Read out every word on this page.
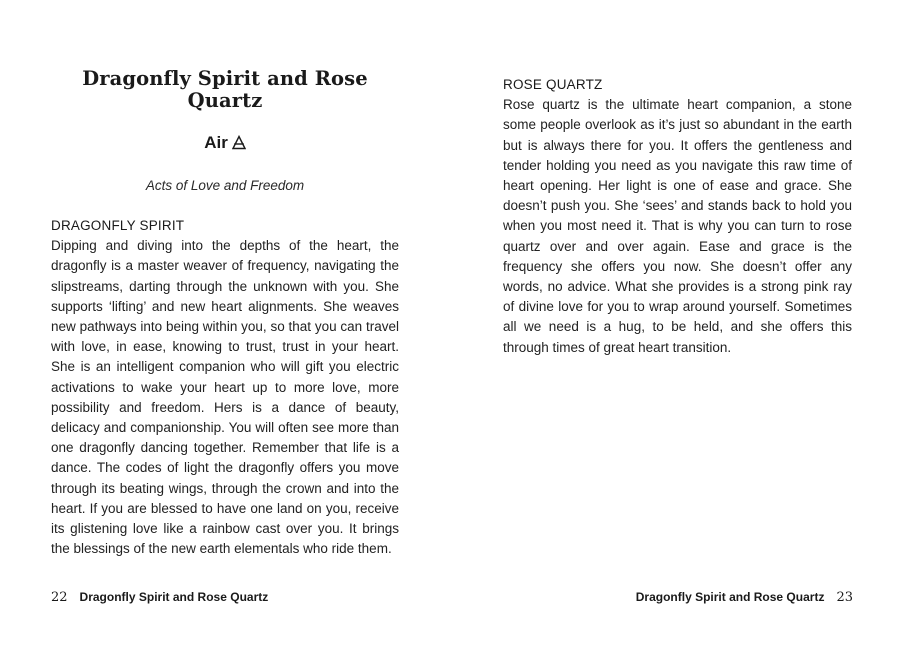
Dragonfly Spirit and Rose Quartz
Air
Acts of Love and Freedom
DRAGONFLY SPIRIT

Dipping and diving into the depths of the heart, the dragonfly is a master weaver of frequency, navigating the slipstreams, darting through the unknown with you. She supports ‘lifting’ and new heart alignments. She weaves new pathways into being within you, so that you can travel with love, in ease, knowing to trust, trust in your heart. She is an intelligent companion who will gift you electric activations to wake your heart up to more love, more possibility and freedom. Hers is a dance of beauty, delicacy and companionship. You will often see more than one dragonfly dancing together. Remember that life is a dance. The codes of light the dragonfly offers you move through its beating wings, through the crown and into the heart. If you are blessed to have one land on you, receive its glistening love like a rainbow cast over you. It brings the blessings of the new earth elementals who ride them.

ROSE QUARTZ

Rose quartz is the ultimate heart companion, a stone some people overlook as it’s just so abundant in the earth but is always there for you. It offers the gentleness and tender holding you need as you navigate this raw time of heart opening. Her light is one of ease and grace. She doesn’t push you. She ‘sees’ and stands back to hold you when you most need it. That is why you can turn to rose quartz over and over again. Ease and grace is the frequency she offers you now. She doesn’t offer any words, no advice. What she provides is a strong pink ray of divine love for you to wrap around yourself. Sometimes all we need is a hug, to be held, and she offers this through times of great heart transition.

22 Dragonfly Spirit and Rose Quartz	Dragonfly Spirit and Rose Quartz 23
